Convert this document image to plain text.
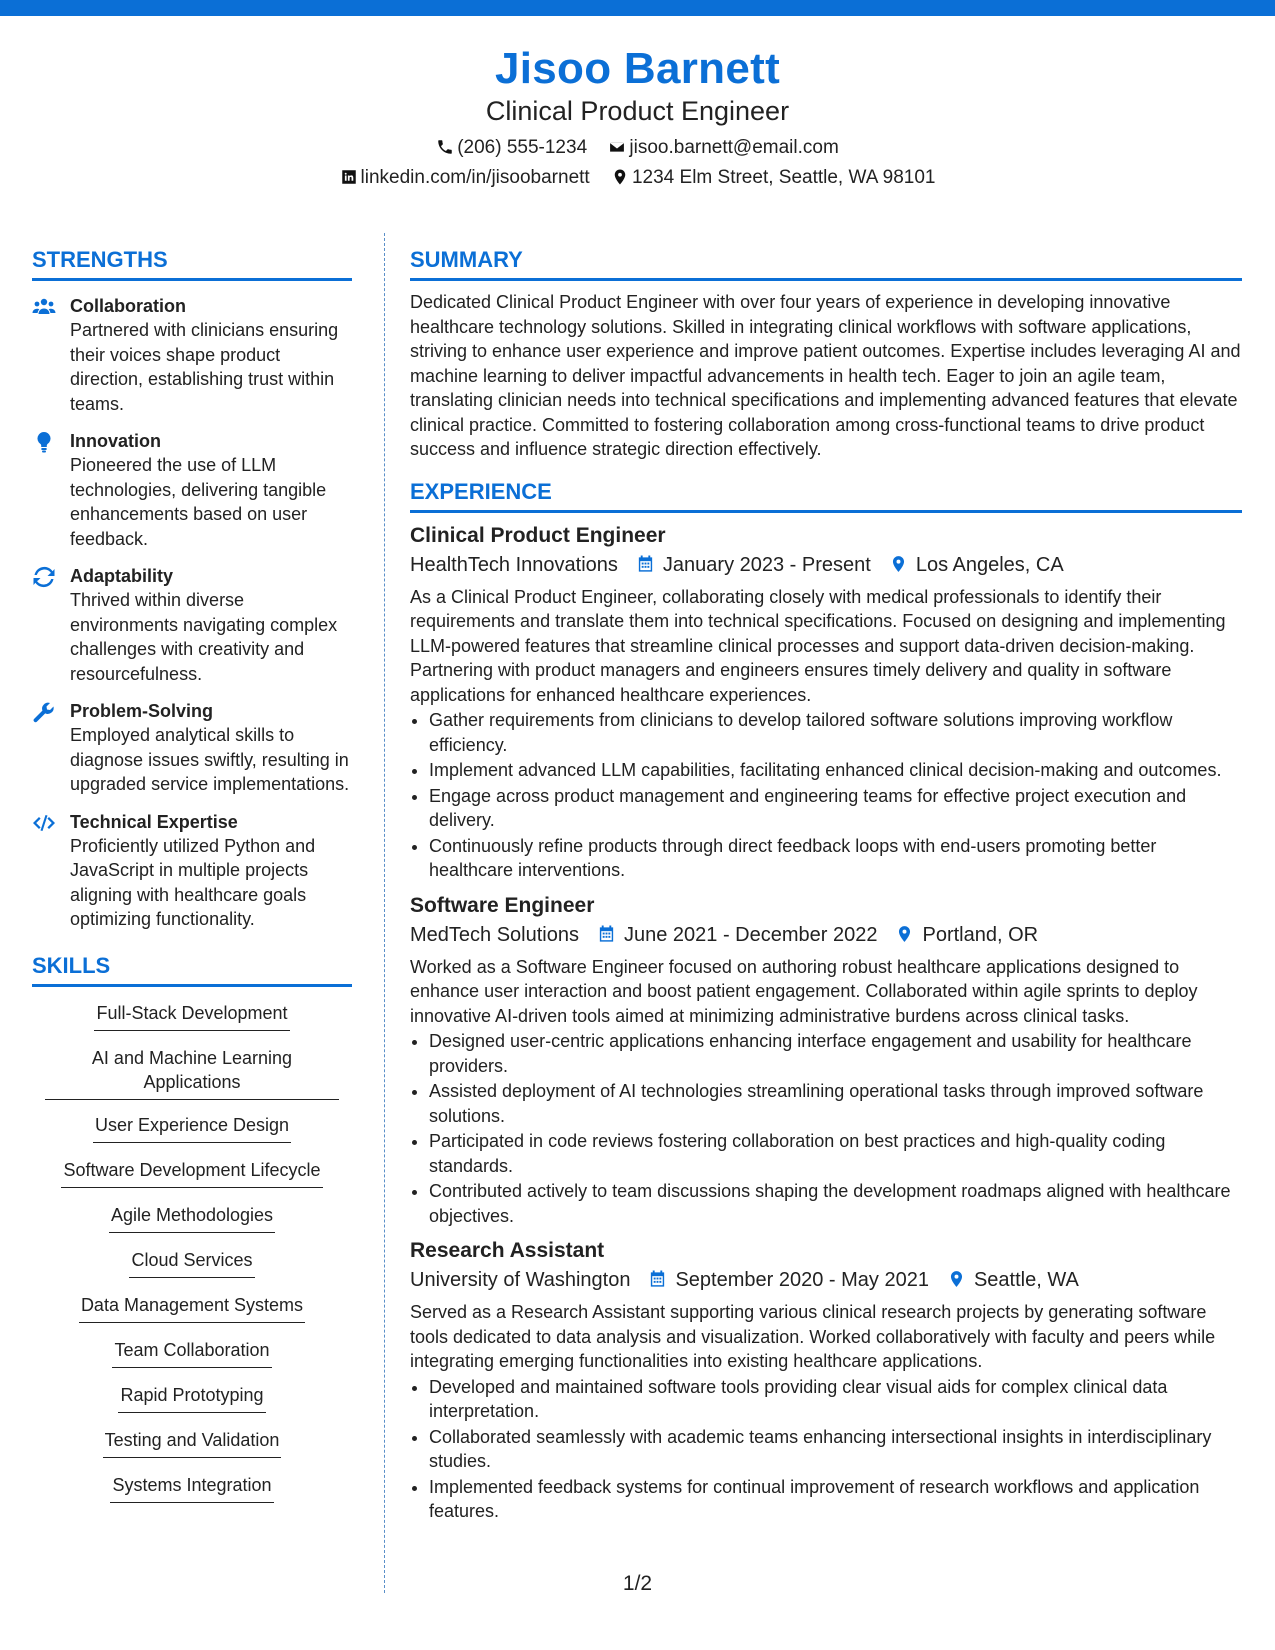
Jisoo Barnett
Clinical Product Engineer
(206) 555-1234 jisoo.barnett@email.com
linkedin.com/in/jisoobarnett 1234 Elm Street, Seattle, WA 98101
STRENGTHS
Collaboration
Partnered with clinicians ensuring their voices shape product direction, establishing trust within teams.
Innovation
Pioneered the use of LLM technologies, delivering tangible enhancements based on user feedback.
Adaptability
Thrived within diverse environments navigating complex challenges with creativity and resourcefulness.
Problem-Solving
Employed analytical skills to diagnose issues swiftly, resulting in upgraded service implementations.
Technical Expertise
Proficiently utilized Python and JavaScript in multiple projects aligning with healthcare goals optimizing functionality.
SKILLS
Full-Stack Development
AI and Machine Learning Applications
User Experience Design
Software Development Lifecycle
Agile Methodologies
Cloud Services
Data Management Systems
Team Collaboration
Rapid Prototyping
Testing and Validation
Systems Integration
SUMMARY
Dedicated Clinical Product Engineer with over four years of experience in developing innovative healthcare technology solutions. Skilled in integrating clinical workflows with software applications, striving to enhance user experience and improve patient outcomes. Expertise includes leveraging AI and machine learning to deliver impactful advancements in health tech. Eager to join an agile team, translating clinician needs into technical specifications and implementing advanced features that elevate clinical practice. Committed to fostering collaboration among cross-functional teams to drive product success and influence strategic direction effectively.
EXPERIENCE
Clinical Product Engineer
HealthTech Innovations January 2023 - Present Los Angeles, CA
As a Clinical Product Engineer, collaborating closely with medical professionals to identify their requirements and translate them into technical specifications. Focused on designing and implementing LLM-powered features that streamline clinical processes and support data-driven decision-making. Partnering with product managers and engineers ensures timely delivery and quality in software applications for enhanced healthcare experiences.
• Gather requirements from clinicians to develop tailored software solutions improving workflow efficiency.
• Implement advanced LLM capabilities, facilitating enhanced clinical decision-making and outcomes.
• Engage across product management and engineering teams for effective project execution and delivery.
• Continuously refine products through direct feedback loops with end-users promoting better healthcare interventions.
Software Engineer
MedTech Solutions June 2021 - December 2022 Portland, OR
Worked as a Software Engineer focused on authoring robust healthcare applications designed to enhance user interaction and boost patient engagement. Collaborated within agile sprints to deploy innovative AI-driven tools aimed at minimizing administrative burdens across clinical tasks.
• Designed user-centric applications enhancing interface engagement and usability for healthcare providers.
• Assisted deployment of AI technologies streamlining operational tasks through improved software solutions.
• Participated in code reviews fostering collaboration on best practices and high-quality coding standards.
• Contributed actively to team discussions shaping the development roadmaps aligned with healthcare objectives.
Research Assistant
University of Washington September 2020 - May 2021 Seattle, WA
Served as a Research Assistant supporting various clinical research projects by generating software tools dedicated to data analysis and visualization. Worked collaboratively with faculty and peers while integrating emerging functionalities into existing healthcare applications.
• Developed and maintained software tools providing clear visual aids for complex clinical data interpretation.
• Collaborated seamlessly with academic teams enhancing intersectional insights in interdisciplinary studies.
• Implemented feedback systems for continual improvement of research workflows and application features.
1/2
